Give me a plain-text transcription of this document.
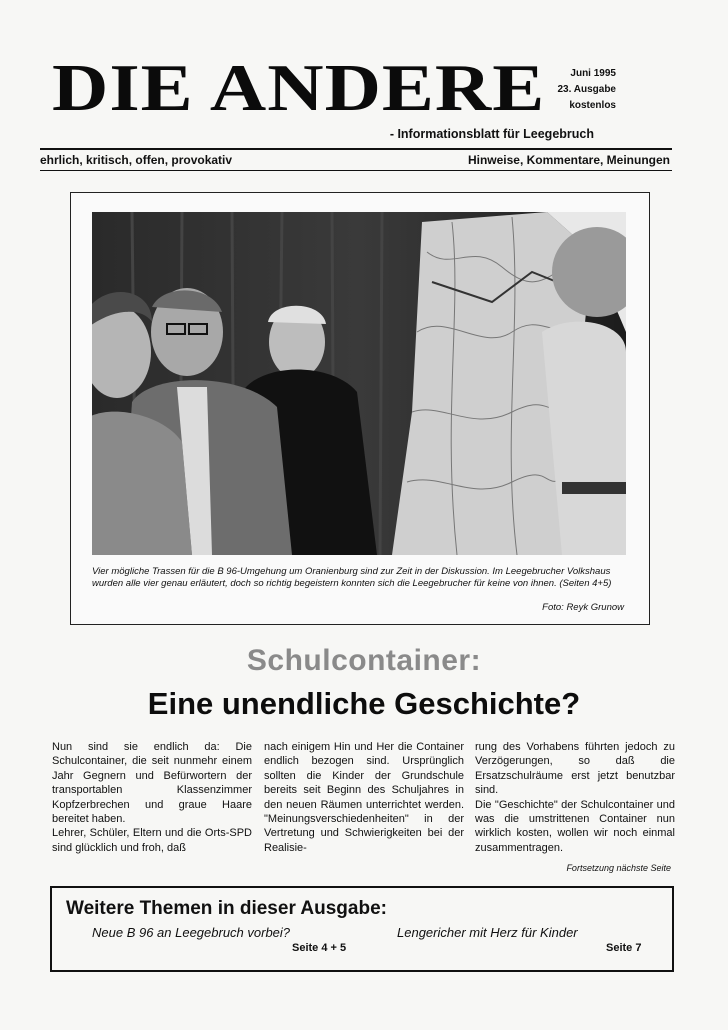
DIE ANDERE	Juni 1995
23. Ausgabe
kostenlos
- Informationsblatt für Leegebruch
ehrlich, kritisch, offen, provokativ	Hinweise, Kommentare, Meinungen
Vier mögliche Trassen für die B 96-Umgehung um Oranienburg sind zur Zeit in der Diskussion. Im Leegebrucher Volkshaus wurden alle vier genau erläutert, doch so richtig begeistern konnten sich die Leegebrucher für keine von ihnen. (Seiten 4+5)
Foto: Reyk Grunow
Schulcontainer:
Eine unendliche Geschichte?

Nun sind sie endlich da: Die Schulcontainer, die seit nunmehr einem Jahr Gegnern und Befürwortern der transportablen Klassenzimmer Kopfzerbrechen und graue Haare bereitet haben.

Lehrer, Schüler, Eltern und die Orts-SPD sind glücklich und froh, daß

nach einigem Hin und Her die Container endlich bezogen sind. Ursprünglich sollten die Kinder der Grundschule bereits seit Beginn des Schuljahres in den neuen Räumen unterrichtet werden. "Meinungsverschiedenheiten" in der Vertretung und Schwierigkeiten bei der Realisie-

rung des Vorhabens führten jedoch zu Verzögerungen, so daß die Ersatzschulräume erst jetzt benutzbar sind.

Die "Geschichte" der Schulcontainer und was die umstrittenen Container nun wirklich kosten, wollen wir noch einmal zusammentragen.

Fortsetzung nächste Seite
Weitere Themen in dieser Ausgabe:
Neue B 96 an Leegebruch vorbei?
Seite 4 + 5
Lengericher mit Herz für Kinder
Seite 7
